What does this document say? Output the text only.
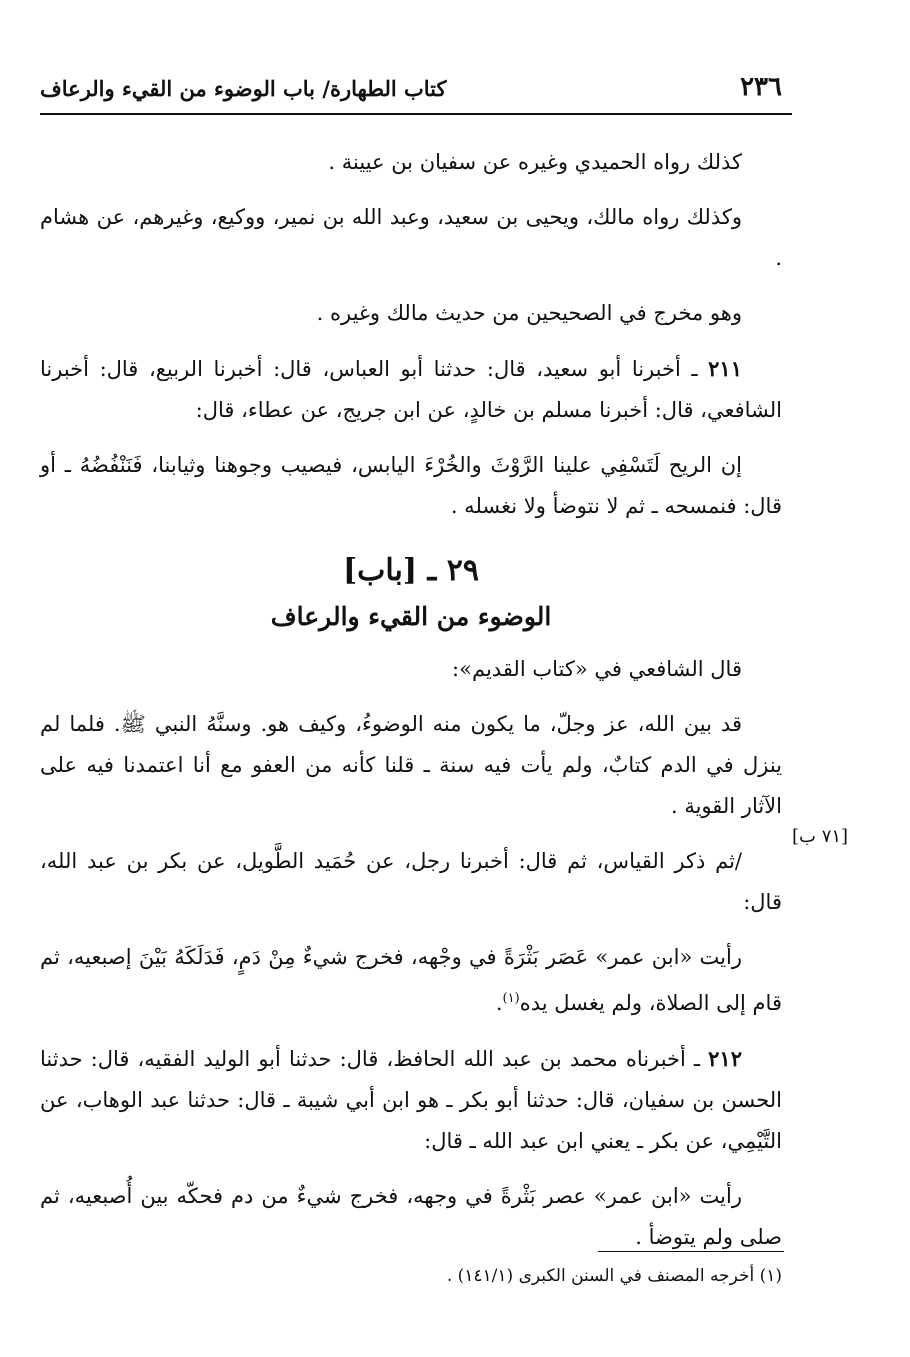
٢٣٦
كتاب الطهارة/ باب الوضوء من القيء والرعاف

كذلك رواه الحميدي وغيره عن سفيان بن عيينة .

وكذلك رواه مالك، ويحيى بن سعيد، وعبد الله بن نمير، ووكيع، وغيرهم، عن هشام .

وهو مخرج في الصحيحين من حديث مالك وغيره .

٢١١ ـ أخبرنا أبو سعيد، قال: حدثنا أبو العباس، قال: أخبرنا الربيع، قال: أخبرنا الشافعي، قال: أخبرنا مسلم بن خالدٍ، عن ابن جريج، عن عطاء، قال:

إن الريح لَتَسْفِي علينا الرَّوْثَ والخُرْءَ اليابس، فيصيب وجوهنا وثيابنا، فَنَنْفُضُهُ ـ أو قال: فنمسحه ـ ثم لا نتوضأ ولا نغسله .

٢٩ ـ [باب]
الوضوء من القيء والرعاف

قال الشافعي في «كتاب القديم»:

قد بين الله، عز وجلّ، ما يكون منه الوضوءُ، وكيف هو. وسنَّهُ النبي ﷺ. فلما لم ينزل في الدم كتابٌ، ولم يأت فيه سنة ـ قلنا كأنه من العفو مع أنا اعتمدنا فيه على الآثار القوية .

/ثم ذكر القياس، ثم قال: أخبرنا رجل، عن حُمَيد الطَّويل، عن بكر بن عبد الله، قال:

رأيت «ابن عمر» عَصَر بَثْرَةً في وجْهه، فخرج شيءٌ مِنْ دَمٍ، فَدَلَكَهُ بَيْنَ إصبعيه، ثم قام إلى الصلاة، ولم يغسل يده$^{(١)}$.

٢١٢ ـ أخبرناه محمد بن عبد الله الحافظ، قال: حدثنا أبو الوليد الفقيه، قال: حدثنا الحسن بن سفيان، قال: حدثنا أبو بكر ـ هو ابن أبي شيبة ـ قال: حدثنا عبد الوهاب، عن التَّيْمِي، عن بكر ـ يعني ابن عبد الله ـ قال:

رأيت «ابن عمر» عصر بَثْرةً في وجهه، فخرج شيءٌ من دم فحكّه بين أُصبعيه، ثم صلى ولم يتوضأ .

[٧١ ب]
(١) أخرجه المصنف في السنن الكبرى (١٤١/١) .
